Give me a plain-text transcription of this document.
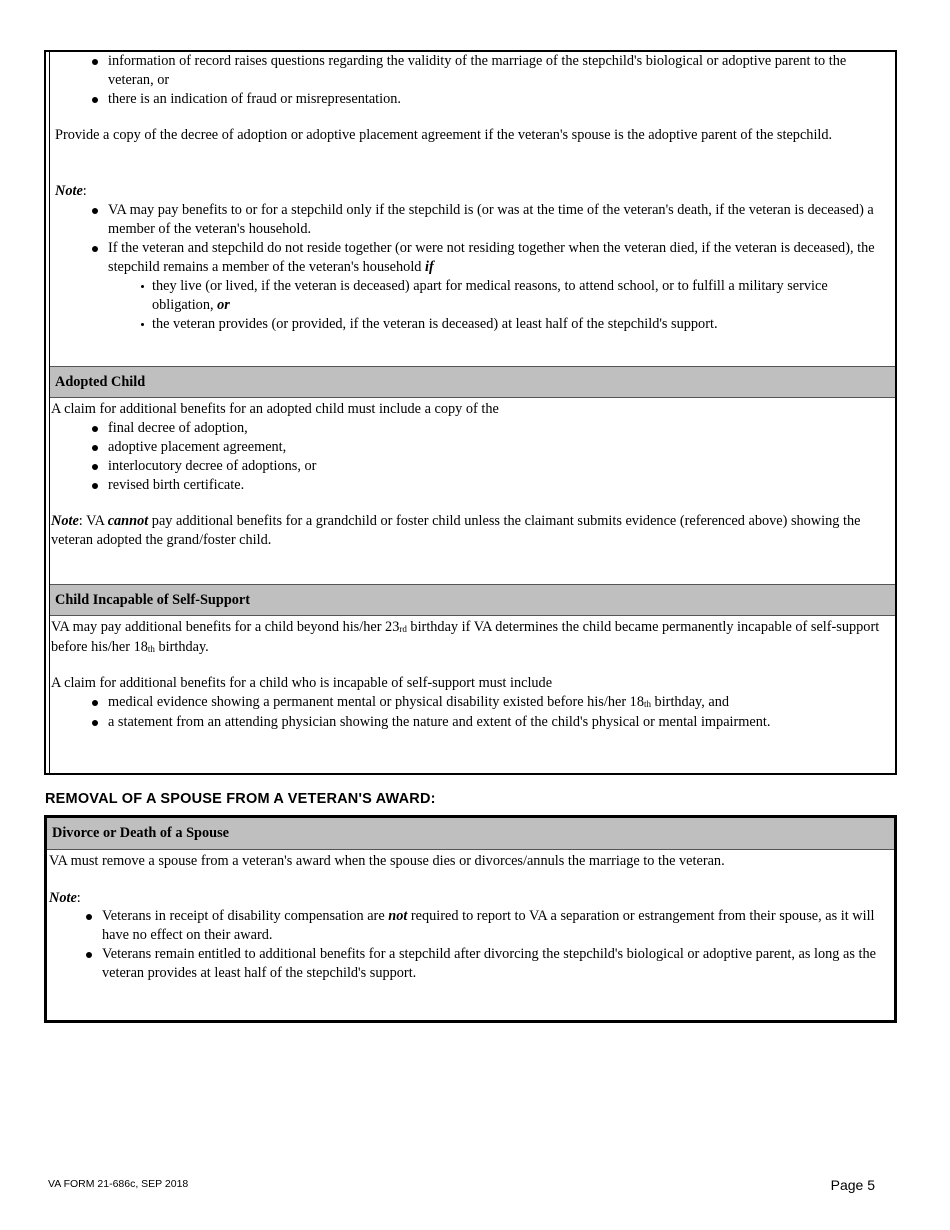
information of record raises questions regarding the validity of the marriage of the stepchild's biological or adoptive parent to the veteran, or
there is an indication of fraud or misrepresentation.

Provide a copy of the decree of adoption or adoptive placement agreement if the veteran's spouse is the adoptive parent of the stepchild.

Note:

VA may pay benefits to or for a stepchild only if the stepchild is (or was at the time of the veteran's death, if the veteran is deceased) a member of the veteran's household.
If the veteran and stepchild do not reside together (or were not residing together when the veteran died, if the veteran is deceased), the stepchild remains a member of the veteran's household if
they live (or lived, if the veteran is deceased) apart for medical reasons, to attend school, or to fulfill a military service obligation, or
the veteran provides (or provided, if the veteran is deceased) at least half of the stepchild's support.
Adopted Child

A claim for additional benefits for an adopted child must include a copy of the

final decree of adoption,
adoptive placement agreement,
interlocutory decree of adoptions, or
revised birth certificate.

Note: VA cannot pay additional benefits for a grandchild or foster child unless the claimant submits evidence (referenced above) showing the veteran adopted the grand/foster child.

Child Incapable of Self-Support

VA may pay additional benefits for a child beyond his/her $23_{rd}$ birthday if VA determines the child became permanently incapable of self-support before his/her $18_{th}$ birthday.

A claim for additional benefits for a child who is incapable of self-support must include

medical evidence showing a permanent mental or physical disability existed before his/her $18_{th}$ birthday, and
a statement from an attending physician showing the nature and extent of the child's physical or mental impairment.
REMOVAL OF A SPOUSE FROM A VETERAN'S AWARD:
Divorce or Death of a Spouse

VA must remove a spouse from a veteran's award when the spouse dies or divorces/annuls the marriage to the veteran.

Note:

Veterans in receipt of disability compensation are not required to report to VA a separation or estrangement from their spouse, as it will have no effect on their award.
Veterans remain entitled to additional benefits for a stepchild after divorcing the stepchild's biological or adoptive parent, as long as the veteran provides at least half of the stepchild's support.
VA FORM 21-686c, SEP 2018	Page 5
